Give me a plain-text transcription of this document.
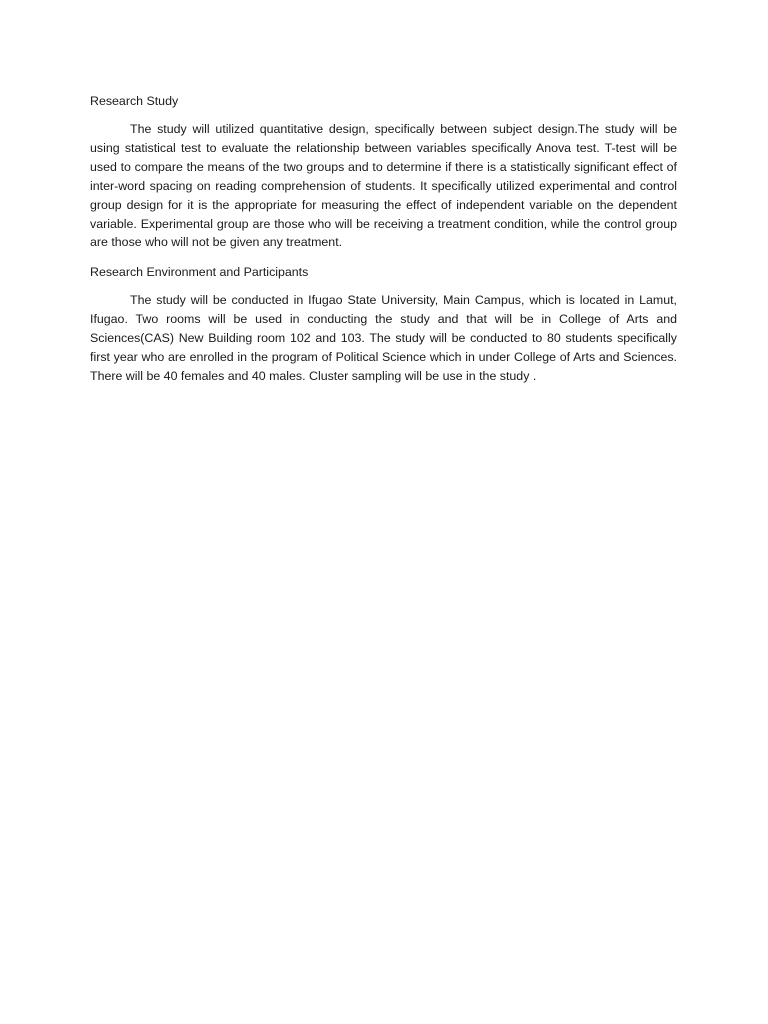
Research Study

The study will utilized quantitative design, specifically between subject design.The study will be using statistical test to evaluate the relationship between variables specifically Anova test. T-test will be used to compare the means of the two groups and to determine if there is a statistically significant effect of inter-word spacing on reading comprehension of students. It specifically utilized experimental and control group design for it is the appropriate for measuring the effect of independent variable on the dependent variable. Experimental group are those who will be receiving a treatment condition, while the control group are those who will not be given any treatment.

Research Environment and Participants

The study will be conducted in Ifugao State University, Main Campus, which is located in Lamut, Ifugao. Two rooms will be used in conducting the study and that will be in College of Arts and Sciences(CAS) New Building room 102 and 103. The study will be conducted to 80 students specifically first year who are enrolled in the program of Political Science which in under College of Arts and Sciences. There will be 40 females and 40 males. Cluster sampling will be use in the study .
